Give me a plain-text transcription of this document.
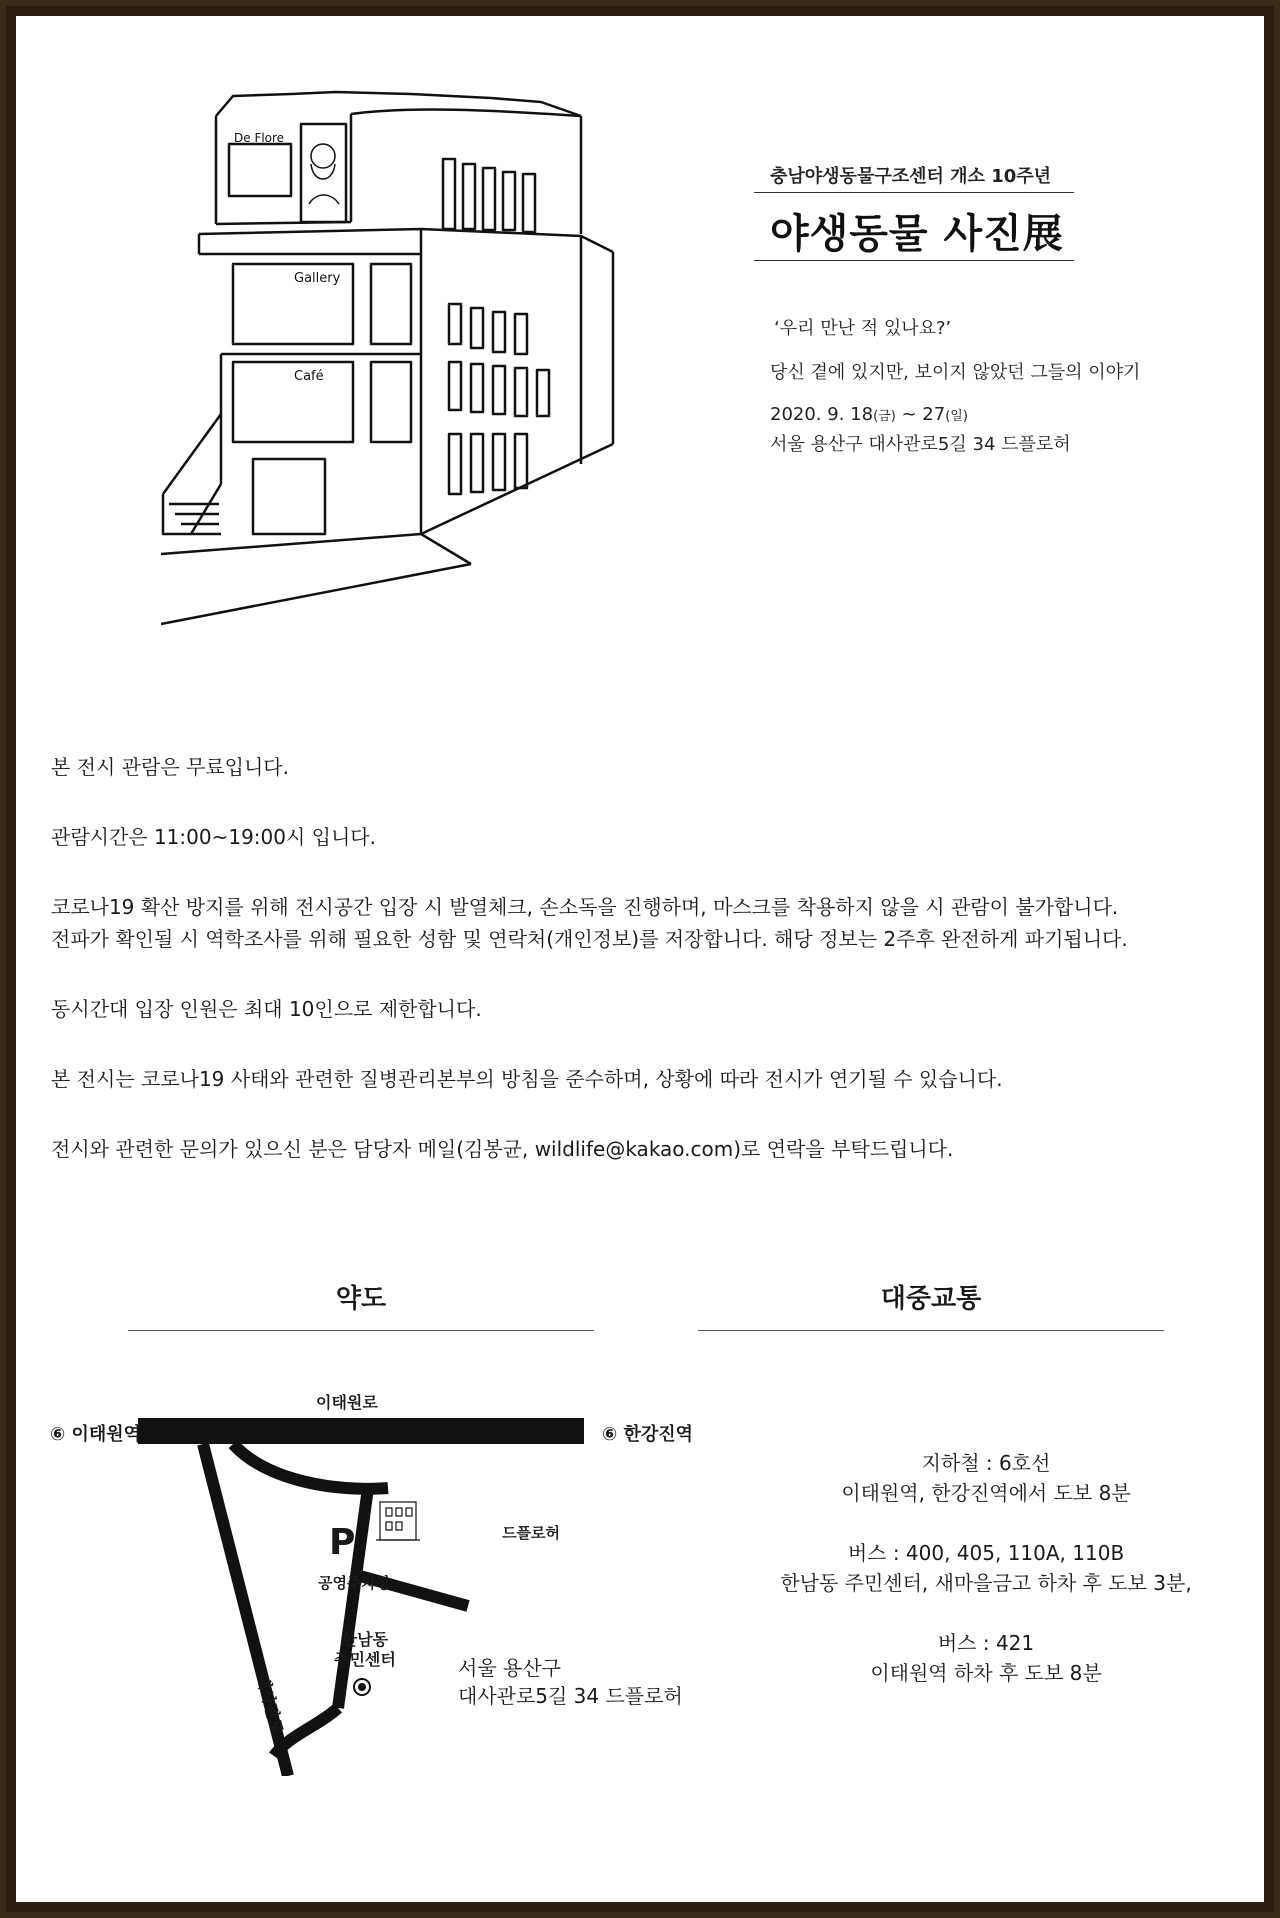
De Flore
Gallery
Café
충남야생동물구조센터 개소 10주년
야생동물 사진展
‘우리 만난 적 있나요?’
당신 곁에 있지만, 보이지 않았던 그들의 이야기
2020. 9. 18(금) ~ 27(일)
서울 용산구 대사관로5길 34 드플로허
본 전시 관람은 무료입니다.
관람시간은 11:00~19:00시 입니다.
코로나19 확산 방지를 위해 전시공간 입장 시 발열체크, 손소독을 진행하며, 마스크를 착용하지 않을 시 관람이 불가합니다.
전파가 확인될 시 역학조사를 위해 필요한 성함 및 연락처(개인정보)를 저장합니다. 해당 정보는 2주후 완전하게 파기됩니다.
동시간대 입장 인원은 최대 10인으로 제한합니다.
본 전시는 코로나19 사태와 관련한 질병관리본부의 방침을 준수하며, 상황에 따라 전시가 연기될 수 있습니다.
전시와 관련한 문의가 있으신 분은 담당자 메일(김봉균, wildlife@kakao.com)로 연락을 부탁드립니다.
약도	대중교통
이태원로
⑥ 이태원역	⑥ 한강진역
P
공영주차장
드플로허
한남동
주민센터
대사관로
서울 용산구
대사관로5길 34 드플로허
지하철 : 6호선
이태원역, 한강진역에서 도보 8분
버스 : 400, 405, 110A, 110B
한남동 주민센터, 새마을금고 하차 후 도보 3분,
버스 : 421
이태원역 하차 후 도보 8분
